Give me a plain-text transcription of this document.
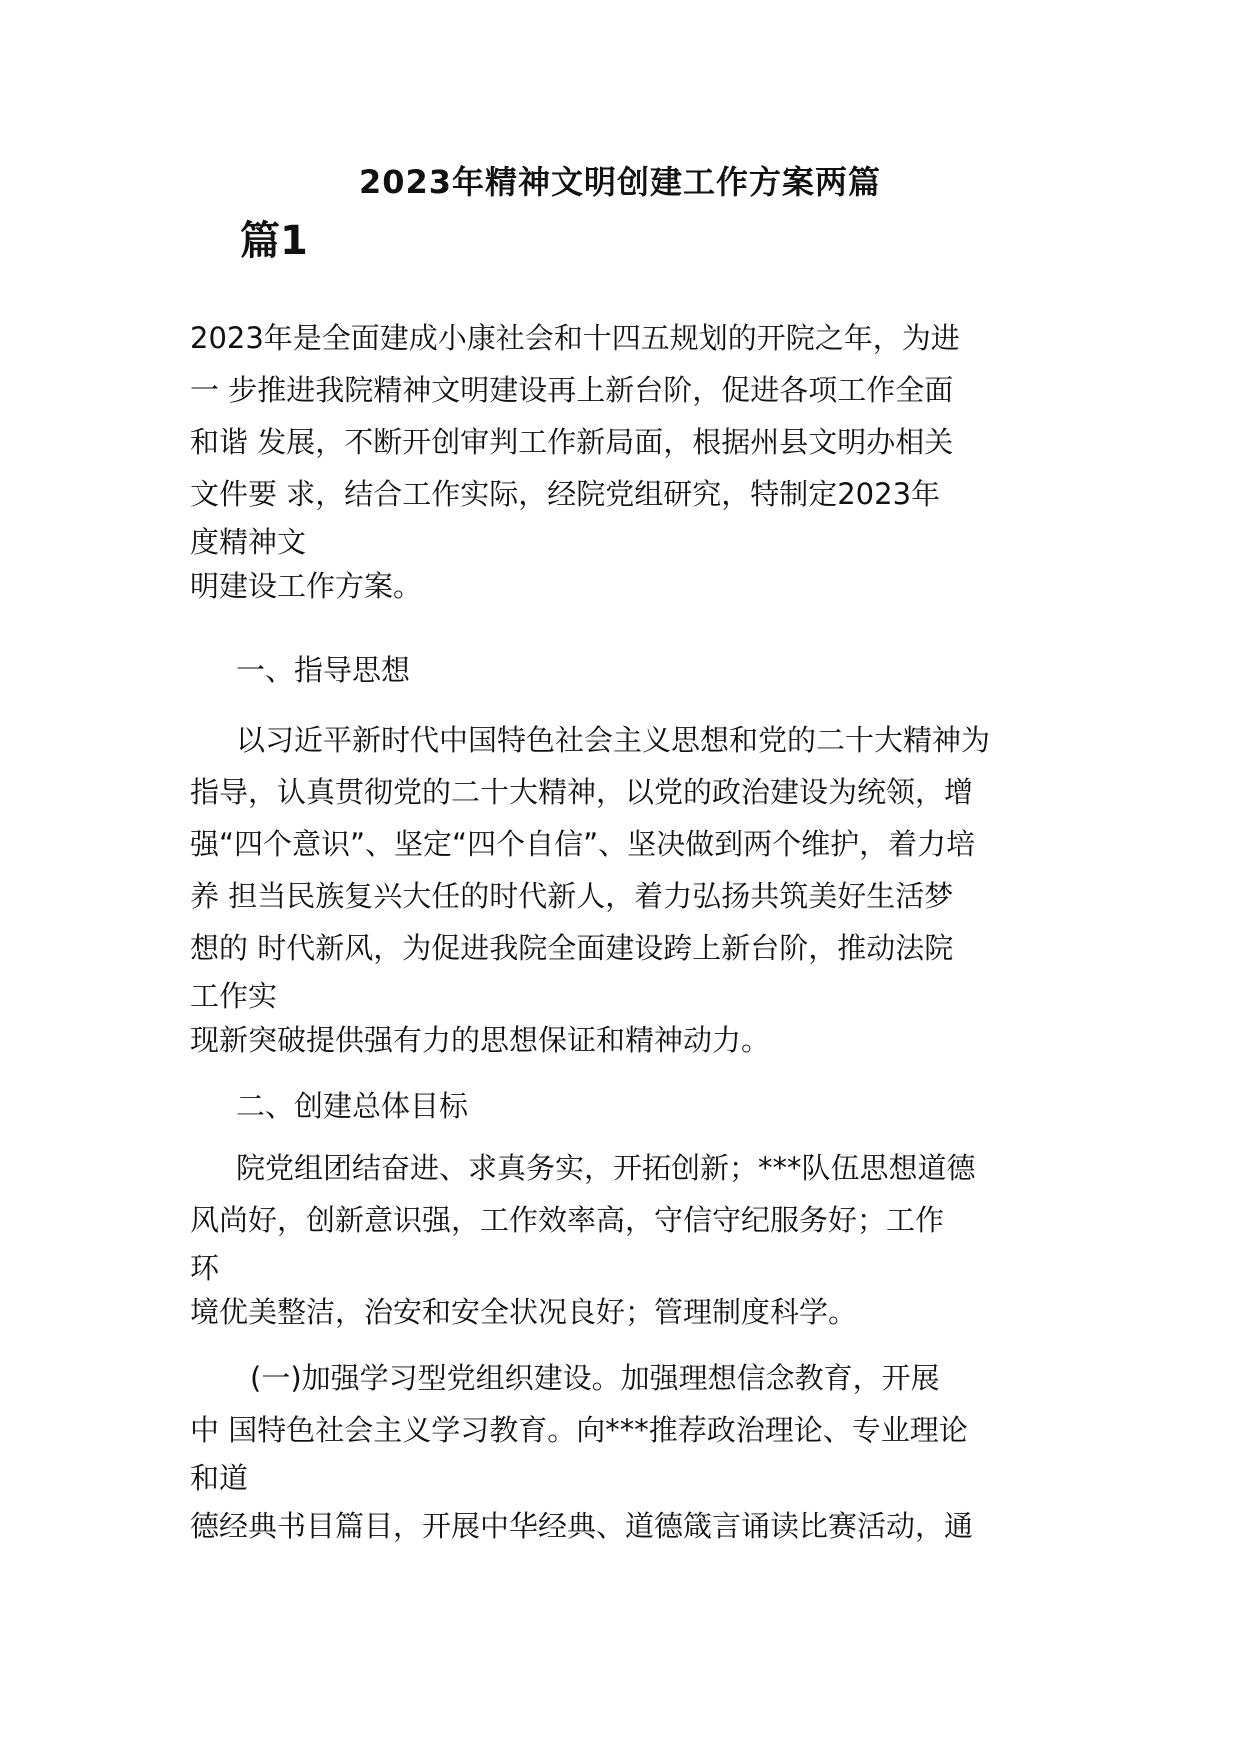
2023年精神文明创建工作方案两篇
篇1
2023年是全面建成小康社会和十四五规划的开院之年，为进
一 步推进我院精神文明建设再上新台阶，促进各项工作全面
和谐 发展，不断开创审判工作新局面，根据州县文明办相关
文件要 求，结合工作实际，经院党组研究，特制定2023年
度精神文
明建设工作方案。
一、指导思想
以习近平新时代中国特色社会主义思想和党的二十大精神为
指导，认真贯彻党的二十大精神，以党的政治建设为统领，增
强“四个意识”、坚定“四个自信”、坚决做到两个维护，着力培
养 担当民族复兴大任的时代新人，着力弘扬共筑美好生活梦
想的 时代新风，为促进我院全面建设跨上新台阶，推动法院
工作实
现新突破提供强有力的思想保证和精神动力。
二、创建总体目标
院党组团结奋进、求真务实，开拓创新；***队伍思想道德
风尚好，创新意识强，工作效率高，守信守纪服务好；工作
环
境优美整洁，治安和安全状况良好；管理制度科学。
(一)加强学习型党组织建设。加强理想信念教育，开展
中 国特色社会主义学习教育。向***推荐政治理论、专业理论
和道
德经典书目篇目，开展中华经典、道德箴言诵读比赛活动，通
